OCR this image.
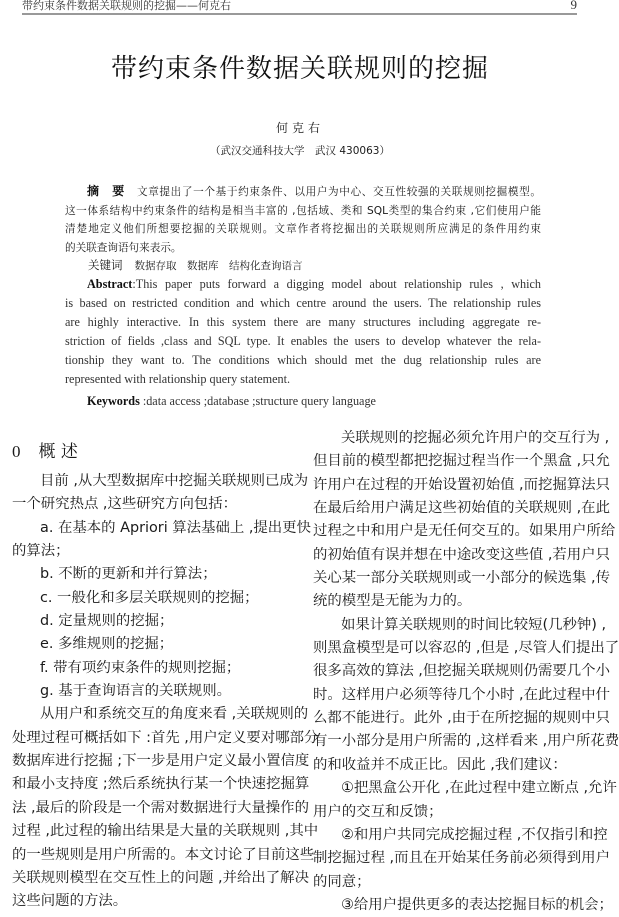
带约束条件数据关联规则的挖掘——何克右	9
带约束条件数据关联规则的挖掘
何克右
（武汉交通科技大学　武汉 430063）
摘　要 文章提出了一个基于约束条件、以用户为中心、交互性较强的关联规则挖掘模型。
这一体系结构中约束条件的结构是相当丰富的 ,包括域、类和 SQL类型的集合约束 ,它们使用户能
清楚地定义他们所想要挖掘的关联规则。文章作者将挖掘出的关联规则所应满足的条件用约束
的关联查询语句来表示。
关键词 数据存取　数据库　结构化查询语言
Abstract:This paper puts forward a digging model about relationship rules , which
is based on restricted condition and which centre around the users. The relationship rules
are highly interactive. In this system there are many structures including aggregate re-
striction of fields ,class and SQL type. It enables the users to develop whatever the rela-
tionship they want to. The conditions which should met the dug relationship rules are
represented with relationship query statement.
Keywords :data access ;database ;structure query language
0 概 述
目前 ,从大型数据库中挖掘关联规则已成为
一个研究热点 ,这些研究方向包括：
a. 在基本的 Apriori 算法基础上 ,提出更快
的算法；
b. 不断的更新和并行算法；
c. 一般化和多层关联规则的挖掘；
d. 定量规则的挖掘；
e. 多维规则的挖掘；
f. 带有项约束条件的规则挖掘；
g. 基于查询语言的关联规则。
从用户和系统交互的角度来看 ,关联规则的
处理过程可概括如下 :首先 ,用户定义要对哪部分
数据库进行挖掘 ;下一步是用户定义最小置信度
和最小支持度 ;然后系统执行某一个快速挖掘算
法 ,最后的阶段是一个需对数据进行大量操作的
过程 ,此过程的输出结果是大量的关联规则 ,其中
的一些规则是用户所需的。本文讨论了目前这些
关联规则模型在交互性上的问题 ,并给出了解决
这些问题的方法。
关联规则的挖掘必须允许用户的交互行为 ,
但目前的模型都把挖掘过程当作一个黑盒 ,只允
许用户在过程的开始设置初始值 ,而挖掘算法只
在最后给用户满足这些初始值的关联规则 ,在此
过程之中和用户是无任何交互的。如果用户所给
的初始值有误并想在中途改变这些值 ,若用户只
关心某一部分关联规则或一小部分的候选集 ,传
统的模型是无能为力的。
如果计算关联规则的时间比较短(几秒钟) ,
则黑盒模型是可以容忍的 ,但是 ,尽管人们提出了
很多高效的算法 ,但挖掘关联规则仍需要几个小
时。这样用户必须等待几个小时 ,在此过程中什
么都不能进行。此外 ,由于在所挖掘的规则中只
有一小部分是用户所需的 ,这样看来 ,用户所花费
的和收益并不成正比。因此 ,我们建议：
①把黑盒公开化 ,在此过程中建立断点 ,允许
用户的交互和反馈；
②和用户共同完成挖掘过程 ,不仅指引和控
制挖掘过程 ,而且在开始某任务前必须得到用户
的同意；
③给用户提供更多的表达挖掘目标的机会；
